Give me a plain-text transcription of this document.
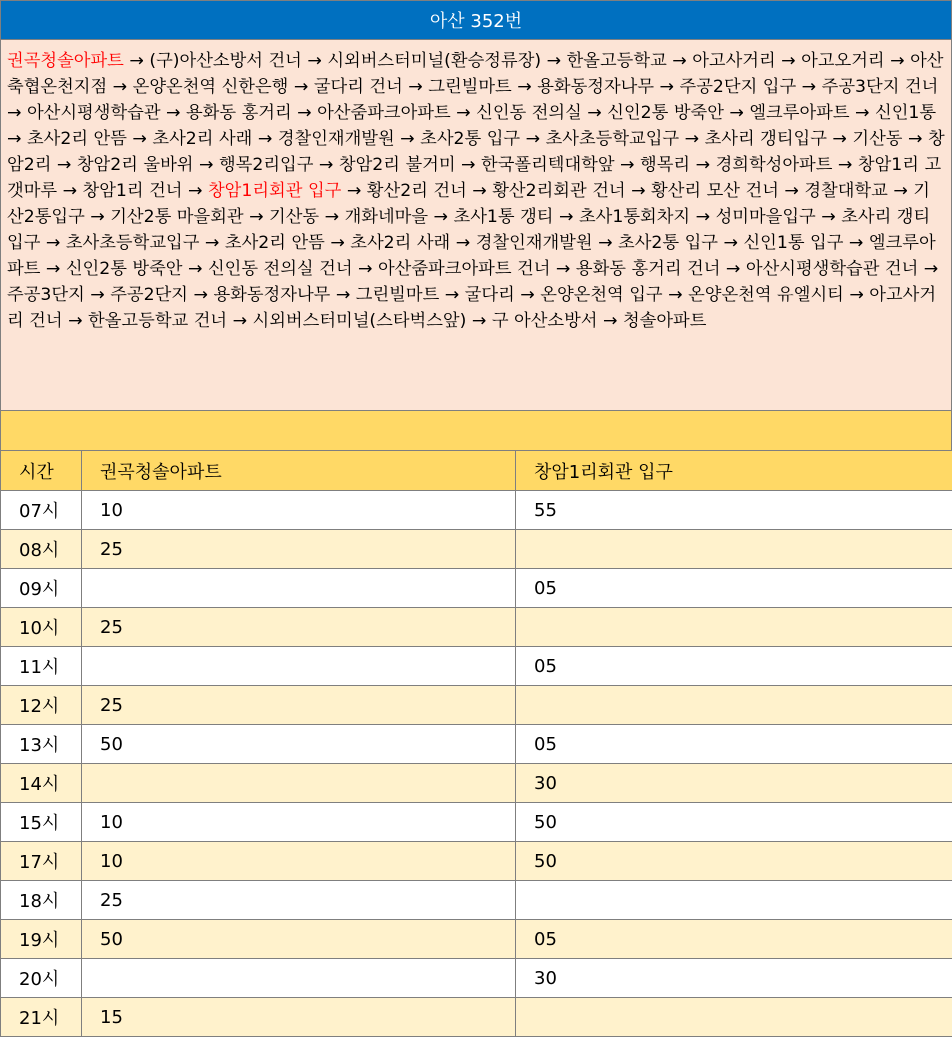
아산 352번
권곡청솔아파트 → (구)아산소방서 건너 → 시외버스터미널(환승정류장) → 한올고등학교 → 아고사거리 → 아고오거리 → 아산축협온천지점 → 온양온천역 신한은행 → 굴다리 건너 → 그린빌마트 → 용화동정자나무 → 주공2단지 입구 → 주공3단지 건너 → 아산시평생학습관 → 용화동 홍거리 → 아산줌파크아파트 → 신인동 전의실 → 신인2통 방죽안 → 엘크루아파트 → 신인1통 → 초사2리 안뜸 → 초사2리 사래 → 경찰인재개발원 → 초사2통 입구 → 초사초등학교입구 → 초사리 갱티입구 → 기산동 → 창암2리 → 창암2리 울바위 → 행목2리입구 → 창암2리 불거미 → 한국폴리텍대학앞 → 행목리 → 경희학성아파트 → 창암1리 고갯마루 → 창암1리 건너 → 창암1리회관 입구 → 황산2리 건너 → 황산2리회관 건너 → 황산리 모산 건너 → 경찰대학교 → 기산2통입구 → 기산2통 마을회관 → 기산동 → 개화네마을 → 초사1통 갱티 → 초사1통회차지 → 성미마을입구 → 초사리 갱티입구 → 초사초등학교입구 → 초사2리 안뜸 → 초사2리 사래 → 경찰인재개발원 → 초사2통 입구 → 신인1통 입구 → 엘크루아파트 → 신인2통 방죽안 → 신인동 전의실 건너 → 아산줌파크아파트 건너 → 용화동 홍거리 건너 → 아산시평생학습관 건너 → 주공3단지 → 주공2단지 → 용화동정자나무 → 그린빌마트 → 굴다리 → 온양온천역 입구 → 온양온천역 유엘시티 → 아고사거리 건너 → 한올고등학교 건너 → 시외버스터미널(스타벅스앞) → 구 아산소방서 → 청솔아파트
시간	권곡청솔아파트	창암1리회관 입구
07시	10	55
08시	25	
09시		05
10시	25	
11시		05
12시	25	
13시	50	05
14시		30
15시	10	50
17시	10	50
18시	25	
19시	50	05
20시		30
21시	15	
